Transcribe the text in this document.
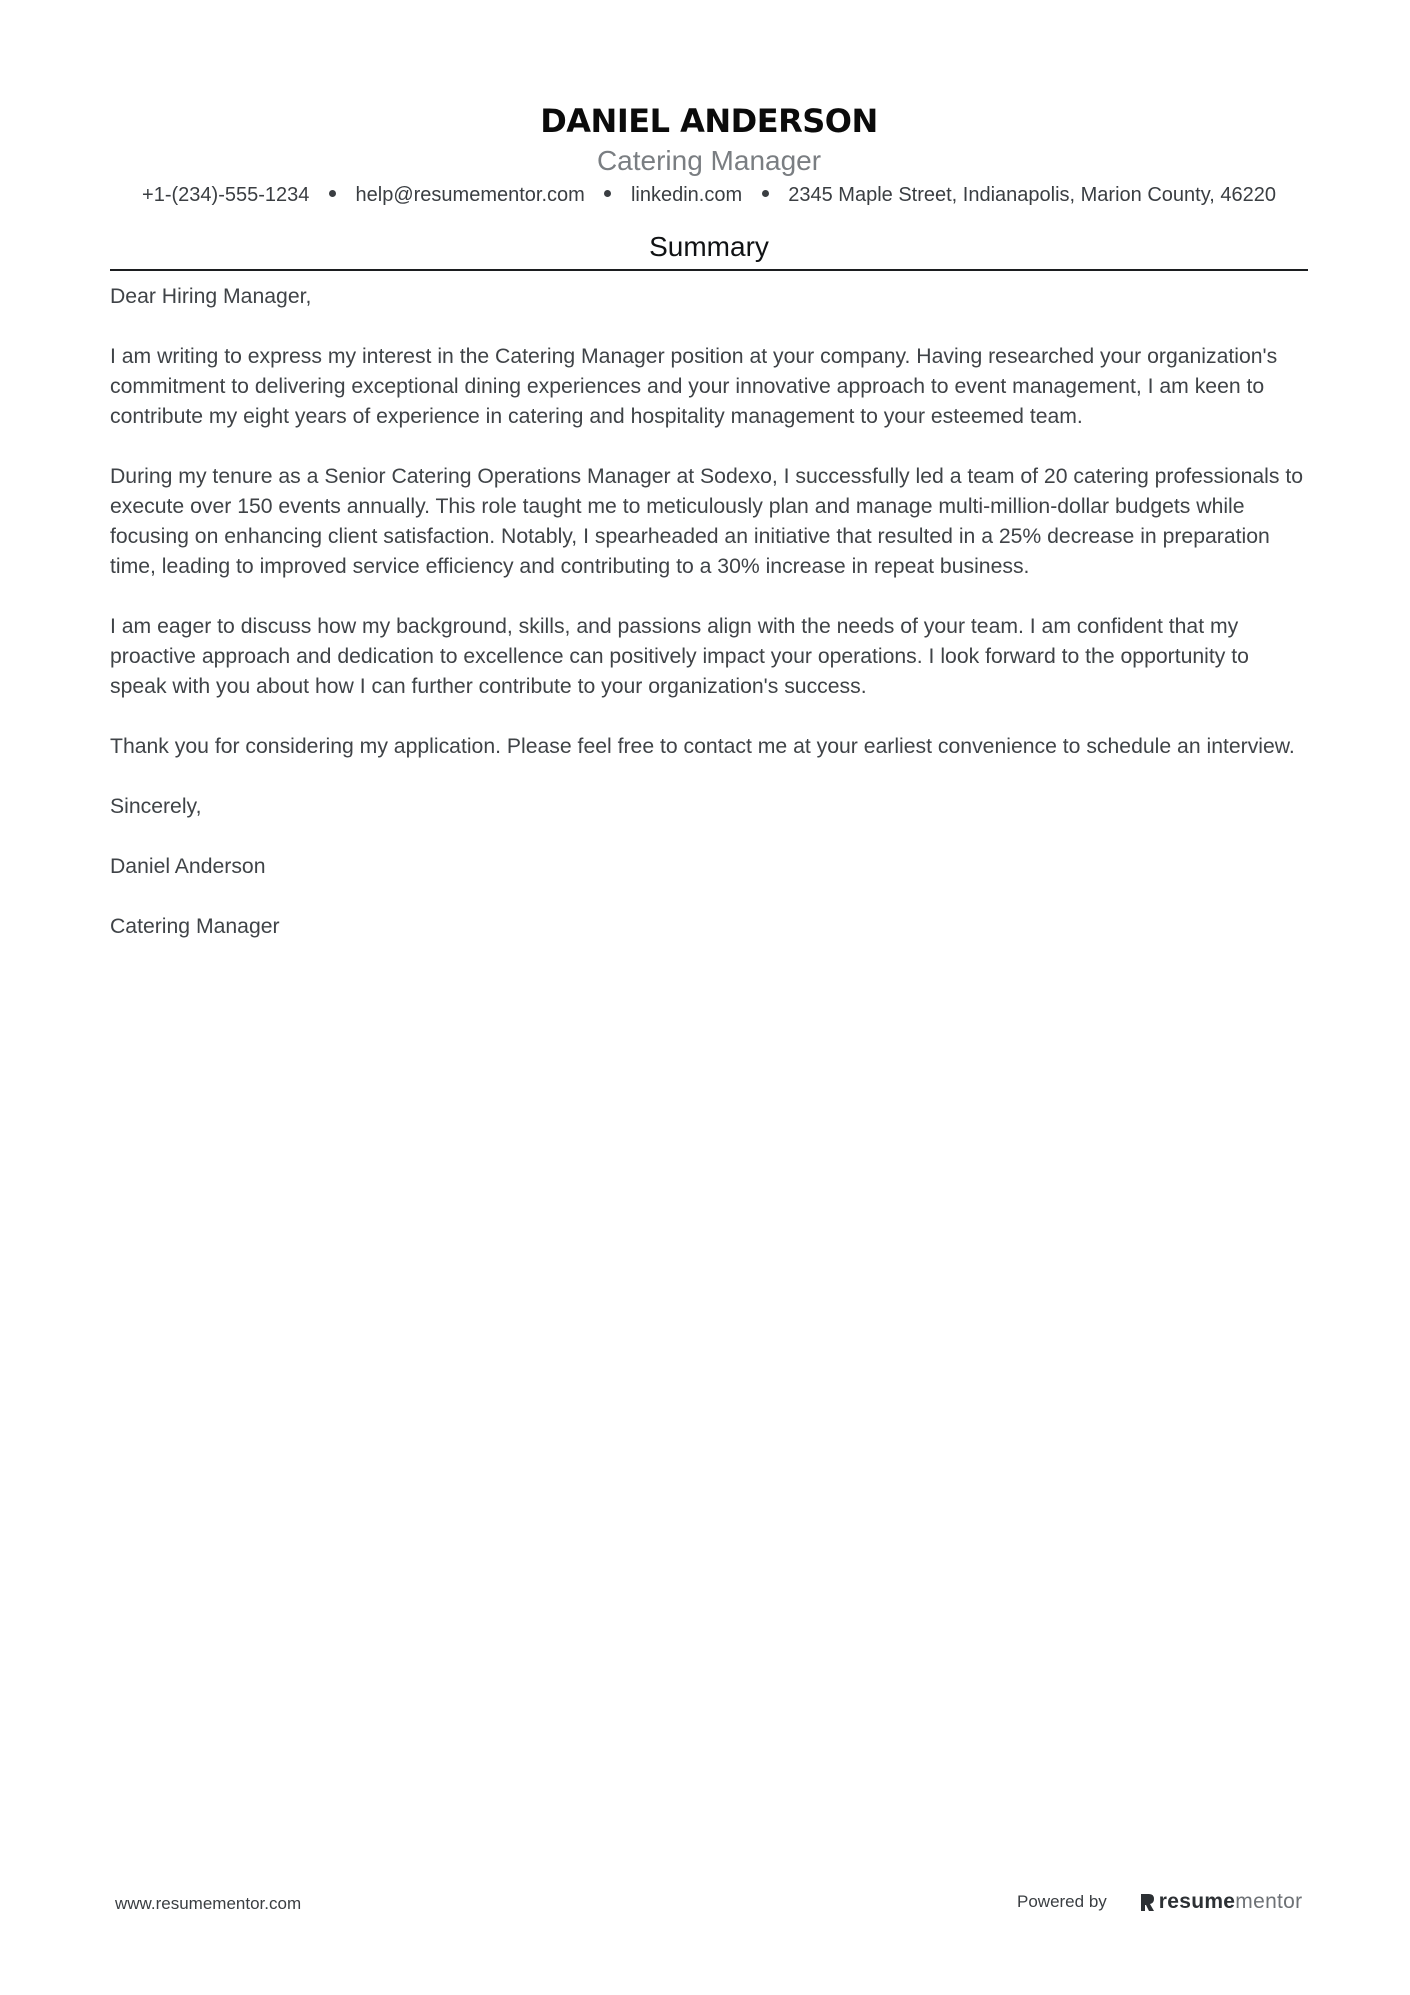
DANIEL ANDERSON
Catering Manager
+1-(234)-555-1234 help@resumementor.com linkedin.com 2345 Maple Street, Indianapolis, Marion County, 46220
Summary

Dear Hiring Manager,

I am writing to express my interest in the Catering Manager position at your company. Having researched your organization's commitment to delivering exceptional dining experiences and your innovative approach to event management, I am keen to contribute my eight years of experience in catering and hospitality management to your esteemed team.

During my tenure as a Senior Catering Operations Manager at Sodexo, I successfully led a team of 20 catering professionals to execute over 150 events annually. This role taught me to meticulously plan and manage multi-million-dollar budgets while focusing on enhancing client satisfaction. Notably, I spearheaded an initiative that resulted in a 25% decrease in preparation time, leading to improved service efficiency and contributing to a 30% increase in repeat business.

I am eager to discuss how my background, skills, and passions align with the needs of your team. I am confident that my proactive approach and dedication to excellence can positively impact your operations. I look forward to the opportunity to speak with you about how I can further contribute to your organization's success.

Thank you for considering my application. Please feel free to contact me at your earliest convenience to schedule an interview.

Sincerely,

Daniel Anderson

Catering Manager

www.resumementor.com	Powered by resume mentor
